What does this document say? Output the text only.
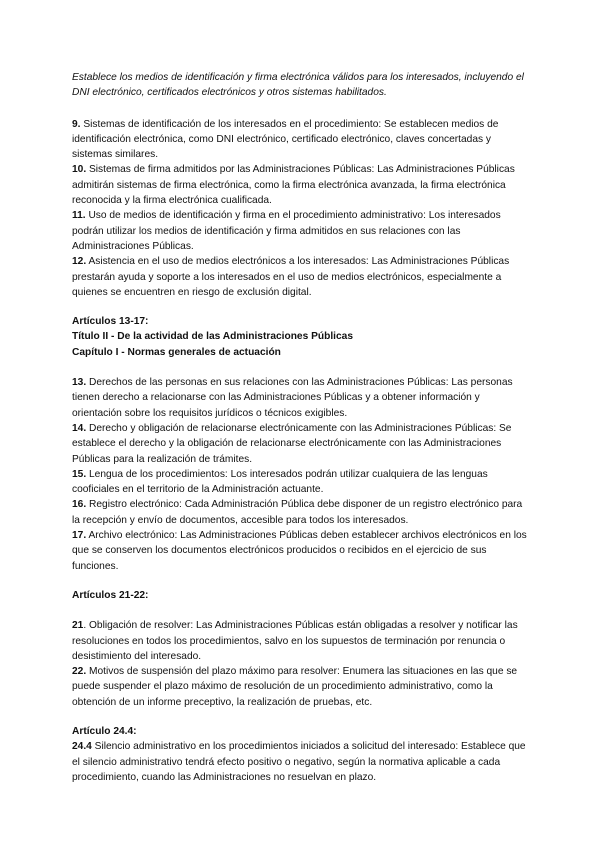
Establece los medios de identificación y firma electrónica válidos para los interesados, incluyendo el DNI electrónico, certificados electrónicos y otros sistemas habilitados.

9. Sistemas de identificación de los interesados en el procedimiento: Se establecen medios de identificación electrónica, como DNI electrónico, certificado electrónico, claves concertadas y sistemas similares.

10. Sistemas de firma admitidos por las Administraciones Públicas: Las Administraciones Públicas admitirán sistemas de firma electrónica, como la firma electrónica avanzada, la firma electrónica reconocida y la firma electrónica cualificada.

11. Uso de medios de identificación y firma en el procedimiento administrativo: Los interesados podrán utilizar los medios de identificación y firma admitidos en sus relaciones con las Administraciones Públicas.

12. Asistencia en el uso de medios electrónicos a los interesados: Las Administraciones Públicas prestarán ayuda y soporte a los interesados en el uso de medios electrónicos, especialmente a quienes se encuentren en riesgo de exclusión digital.

Artículos 13-17:

Título II - De la actividad de las Administraciones Públicas

Capítulo I - Normas generales de actuación

13. Derechos de las personas en sus relaciones con las Administraciones Públicas: Las personas tienen derecho a relacionarse con las Administraciones Públicas y a obtener información y orientación sobre los requisitos jurídicos o técnicos exigibles.

14. Derecho y obligación de relacionarse electrónicamente con las Administraciones Públicas: Se establece el derecho y la obligación de relacionarse electrónicamente con las Administraciones Públicas para la realización de trámites.

15. Lengua de los procedimientos: Los interesados podrán utilizar cualquiera de las lenguas cooficiales en el territorio de la Administración actuante.

16. Registro electrónico: Cada Administración Pública debe disponer de un registro electrónico para la recepción y envío de documentos, accesible para todos los interesados.

17. Archivo electrónico: Las Administraciones Públicas deben establecer archivos electrónicos en los que se conserven los documentos electrónicos producidos o recibidos en el ejercicio de sus funciones.

Artículos 21-22:

21. Obligación de resolver: Las Administraciones Públicas están obligadas a resolver y notificar las resoluciones en todos los procedimientos, salvo en los supuestos de terminación por renuncia o desistimiento del interesado.

22. Motivos de suspensión del plazo máximo para resolver: Enumera las situaciones en las que se puede suspender el plazo máximo de resolución de un procedimiento administrativo, como la obtención de un informe preceptivo, la realización de pruebas, etc.

Artículo 24.4:

24.4 Silencio administrativo en los procedimientos iniciados a solicitud del interesado: Establece que el silencio administrativo tendrá efecto positivo o negativo, según la normativa aplicable a cada procedimiento, cuando las Administraciones no resuelvan en plazo.
